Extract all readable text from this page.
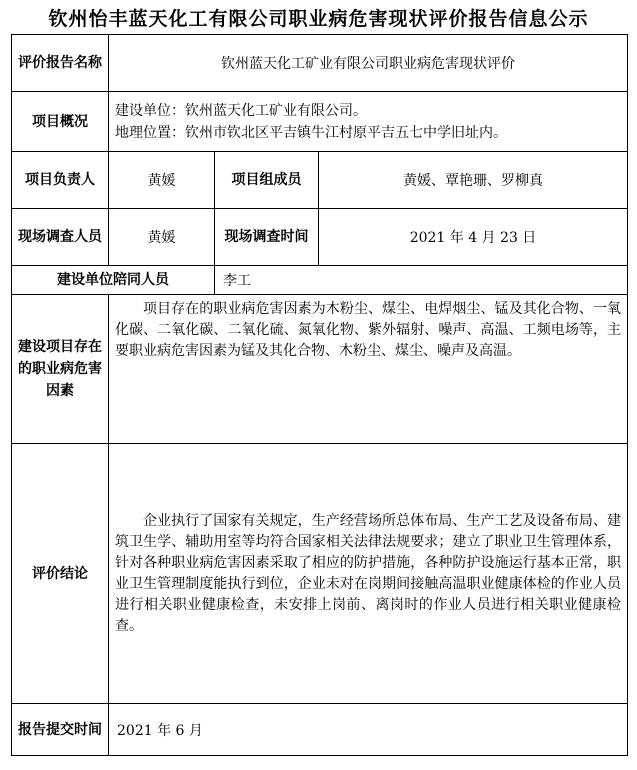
钦州怡丰蓝天化工有限公司职业病危害现状评价报告信息公示
评价报告名称	钦州蓝天化工矿业有限公司职业病危害现状评价		
项目概况	建设单位：钦州蓝天化工矿业有限公司。
地理位置：钦州市钦北区平吉镇牛江村原平吉五七中学旧址内。		

项目负责人	黄媛	项目组成员	黄媛、覃艳珊、罗柳真
现场调查人员	黄媛	现场调查时间	2021 年 4 月 23 日
建设单位陪同人员		李工	
建设项目存在的职业病危害因素	项目存在的职业病危害因素为木粉尘、煤尘、电焊烟尘、锰及其化合物、一氧化碳、二氧化碳、二氧化硫、氮氧化物、紫外辐射、噪声、高温、工频电场等，主要职业病危害因素为锰及其化合物、木粉尘、煤尘、噪声及高温。		
评价结论	企业执行了国家有关规定，生产经营场所总体布局、生产工艺及设备布局、建筑卫生学、辅助用室等均符合国家相关法律法规要求；建立了职业卫生管理体系，针对各种职业病危害因素采取了相应的防护措施，各种防护设施运行基本正常，职业卫生管理制度能执行到位，企业未对在岗期间接触高温职业健康体检的作业人员进行相关职业健康检查，未安排上岗前、离岗时的作业人员进行相关职业健康检查。		
报告提交时间	2021 年 6 月		
